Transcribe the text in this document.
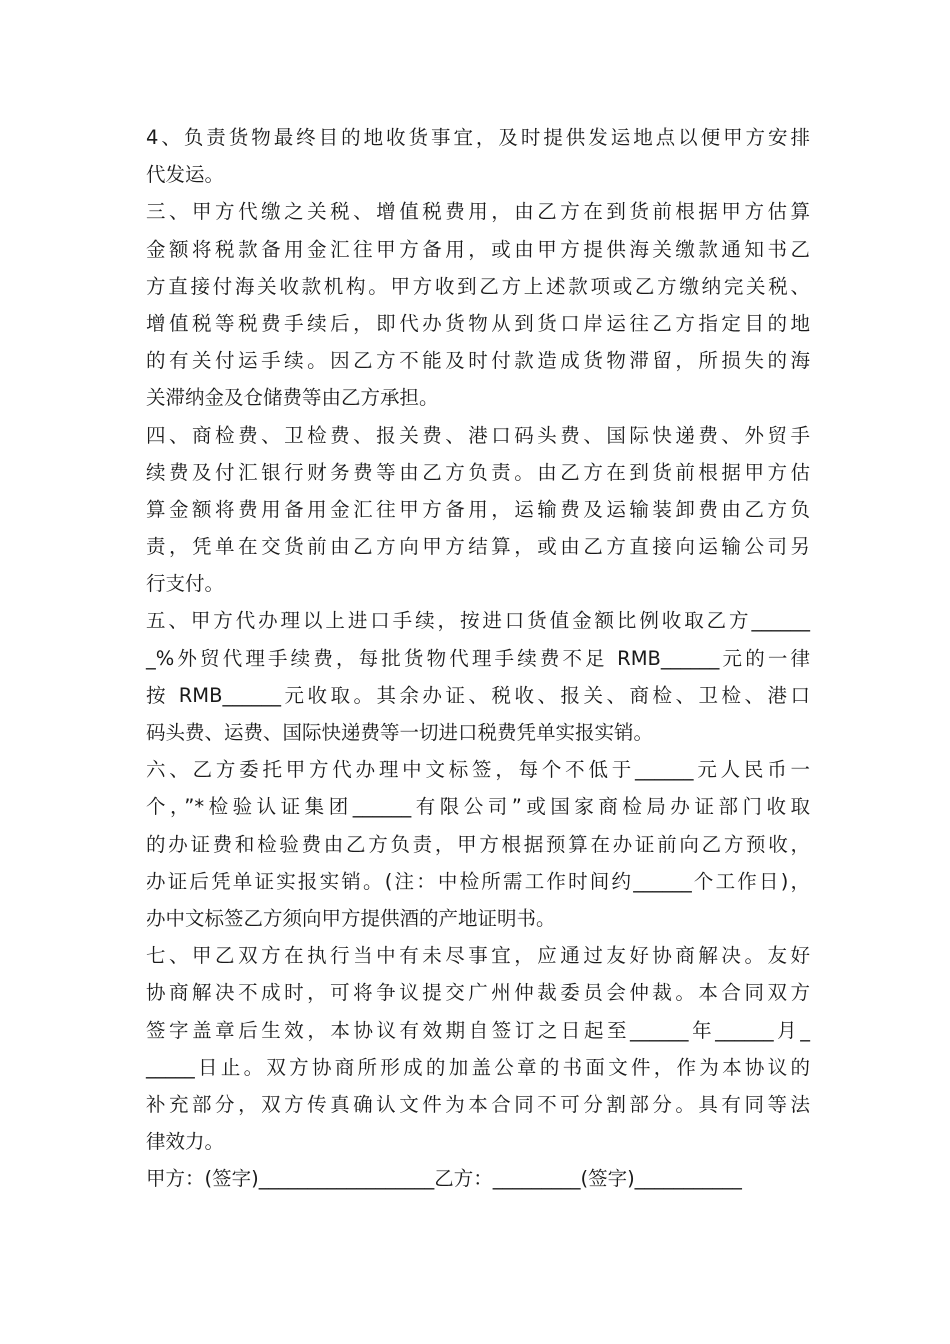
4、负责货物最终目的地收货事宜，及时提供发运地点以便甲方安排
代发运。
三、甲方代缴之关税、增值税费用，由乙方在到货前根据甲方估算
金额将税款备用金汇往甲方备用，或由甲方提供海关缴款通知书乙
方直接付海关收款机构。甲方收到乙方上述款项或乙方缴纳完关税、
增值税等税费手续后，即代办货物从到货口岸运往乙方指定目的地
的有关付运手续。因乙方不能及时付款造成货物滞留，所损失的海
关滞纳金及仓储费等由乙方承担。
四、商检费、卫检费、报关费、港口码头费、国际快递费、外贸手
续费及付汇银行财务费等由乙方负责。由乙方在到货前根据甲方估
算金额将费用备用金汇往甲方备用，运输费及运输装卸费由乙方负
责，凭单在交货前由乙方向甲方结算，或由乙方直接向运输公司另
行支付。
五、甲方代办理以上进口手续，按进口货值金额比例收取乙方______
_%外贸代理手续费，每批货物代理手续费不足 RMB______元的一律
按 RMB______元收取。其余办证、税收、报关、商检、卫检、港口
码头费、运费、国际快递费等一切进口税费凭单实报实销。
六、乙方委托甲方代办理中文标签，每个不低于______元人民币一
个，”*检验认证集团______有限公司”或国家商检局办证部门收取
的办证费和检验费由乙方负责，甲方根据预算在办证前向乙方预收，
办证后凭单证实报实销。(注：中检所需工作时间约______个工作日)，
办中文标签乙方须向甲方提供酒的产地证明书。
七、甲乙双方在执行当中有未尽事宜，应通过友好协商解决。友好
协商解决不成时，可将争议提交广州仲裁委员会仲裁。本合同双方
签字盖章后生效，本协议有效期自签订之日起至______年______月_
_____日止。双方协商所形成的加盖公章的书面文件，作为本协议的
补充部分，双方传真确认文件为本合同不可分割部分。具有同等法
律效力。
甲方：(签字)__________________乙方：_________(签字)___________
